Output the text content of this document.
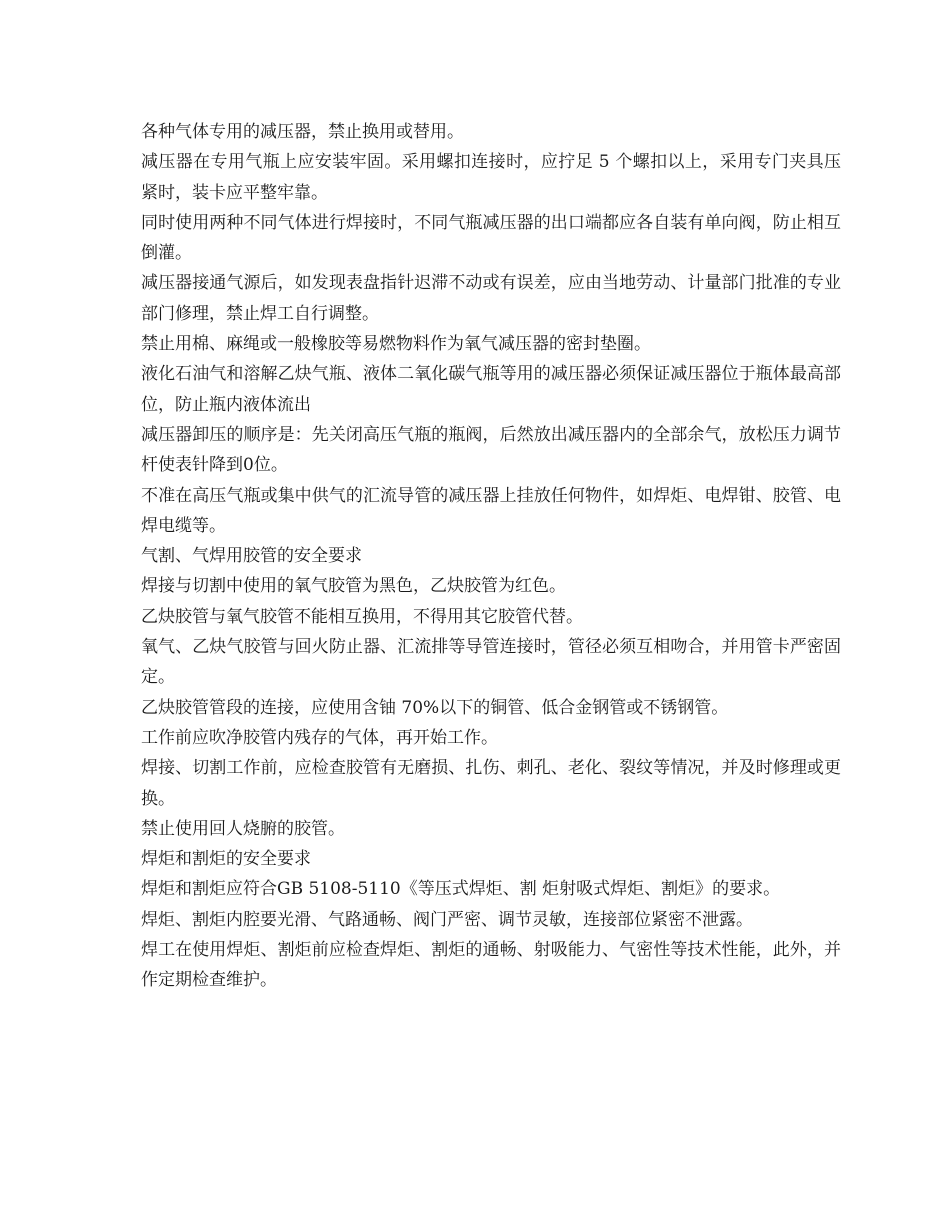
各种气体专用的减压器，禁止换用或替用。

减压器在专用气瓶上应安装牢固。采用螺扣连接时，应拧足 5 个螺扣以上，采用专门夹具压紧时，装卡应平整牢靠。

同时使用两种不同气体进行焊接时，不同气瓶减压器的出口端都应各自装有单向阀，防止相互倒灌。

减压器接通气源后，如发现表盘指针迟滞不动或有误差，应由当地劳动、计量部门批准的专业部门修理，禁止焊工自行调整。

禁止用棉、麻绳或一般橡胶等易燃物料作为氧气减压器的密封垫圈。

液化石油气和溶解乙炔气瓶、液体二氧化碳气瓶等用的减压器必须保证减压器位于瓶体最高部位，防止瓶内液体流出

减压器卸压的顺序是：先关闭高压气瓶的瓶阀，后然放出减压器内的全部余气，放松压力调节杆使表针降到0位。

不准在高压气瓶或集中供气的汇流导管的减压器上挂放任何物件，如焊炬、电焊钳、胶管、电焊电缆等。

气割、气焊用胶管的安全要求

焊接与切割中使用的氧气胶管为黑色，乙炔胶管为红色。

乙炔胶管与氧气胶管不能相互换用，不得用其它胶管代替。

氧气、乙炔气胶管与回火防止器、汇流排等导管连接时，管径必须互相吻合，并用管卡严密固定。

乙炔胶管管段的连接，应使用含铀 70%以下的铜管、低合金钢管或不锈钢管。

工作前应吹净胶管内残存的气体，再开始工作。

焊接、切割工作前，应检查胶管有无磨损、扎伤、刺孔、老化、裂纹等情况，并及时修理或更换。

禁止使用回人烧腑的胶管。

焊炬和割炬的安全要求

焊炬和割炬应符合GB 5108-5110《等压式焊炬、割 炬射吸式焊炬、割炬》的要求。

焊炬、割炬内腔要光滑、气路通畅、阀门严密、调节灵敏，连接部位紧密不泄露。

焊工在使用焊炬、割炬前应检查焊炬、割炬的通畅、射吸能力、气密性等技术性能，此外，并作定期检查维护。
